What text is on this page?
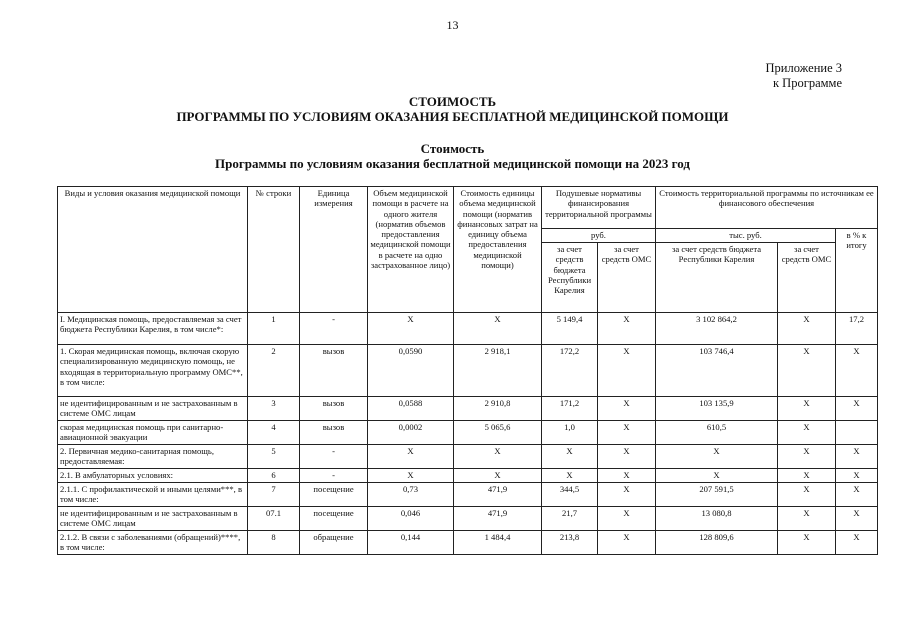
13
Приложение 3
к Программе
СТОИМОСТЬ
ПРОГРАММЫ ПО УСЛОВИЯМ ОКАЗАНИЯ БЕСПЛАТНОЙ МЕДИЦИНСКОЙ ПОМОЩИ
Стоимость
Программы по условиям оказания бесплатной медицинской помощи на 2023 год
Виды и условия оказания медицинской помощи	№ строки	Единица измерения	Объем медицинской помощи в расчете на одного жителя (норматив объемов предоставления медицинской помощи в расчете на одно застрахованное лицо)	Стоимость единицы объема медицинской помощи (норматив финансовых затрат на единицу объема предоставления медицинской помощи)	Подушевые нормативы финансирования территориальной программы		Стоимость территориальной программы по источникам ее финансового обеспечения		
					руб.		тыс. руб.		в % к итогу
					за счет средств бюджета Республики Карелия	за счет средств ОМС	за счет средств бюджета Республики Карелия	за счет средств ОМС	
I. Медицинская помощь, предоставляемая за счет бюджета Республики Карелия, в том числе*:	1	-	X	X	5 149,4	X	3 102 864,2	X	17,2
1. Скорая медицинская помощь, включая скорую специализированную медицинскую помощь, не входящая в территориальную программу ОМС**, в том числе:	2	вызов	0,0590	2 918,1	172,2	X	103 746,4	X	X
не идентифицированным и не застрахованным в системе ОМС лицам	3	вызов	0,0588	2 910,8	171,2	X	103 135,9	X	X
скорая медицинская помощь при санитарно-авиационной эвакуации	4	вызов	0,0002	5 065,6	1,0	X	610,5	X	
2. Первичная медико-санитарная помощь, предоставляемая:	5	-	X	X	X	X	X	X	X
2.1. В амбулаторных условиях:	6	-	X	X	X	X	X	X	X
2.1.1. С профилактической и иными целями***, в том числе:	7	посещение	0,73	471,9	344,5	X	207 591,5	X	X
не идентифицированным и не застрахованным в системе ОМС лицам	07.1	посещение	0,046	471,9	21,7	X	13 080,8	X	X
2.1.2. В связи с заболеваниями (обращений)****, в том числе:	8	обращение	0,144	1 484,4	213,8	X	128 809,6	X	X
